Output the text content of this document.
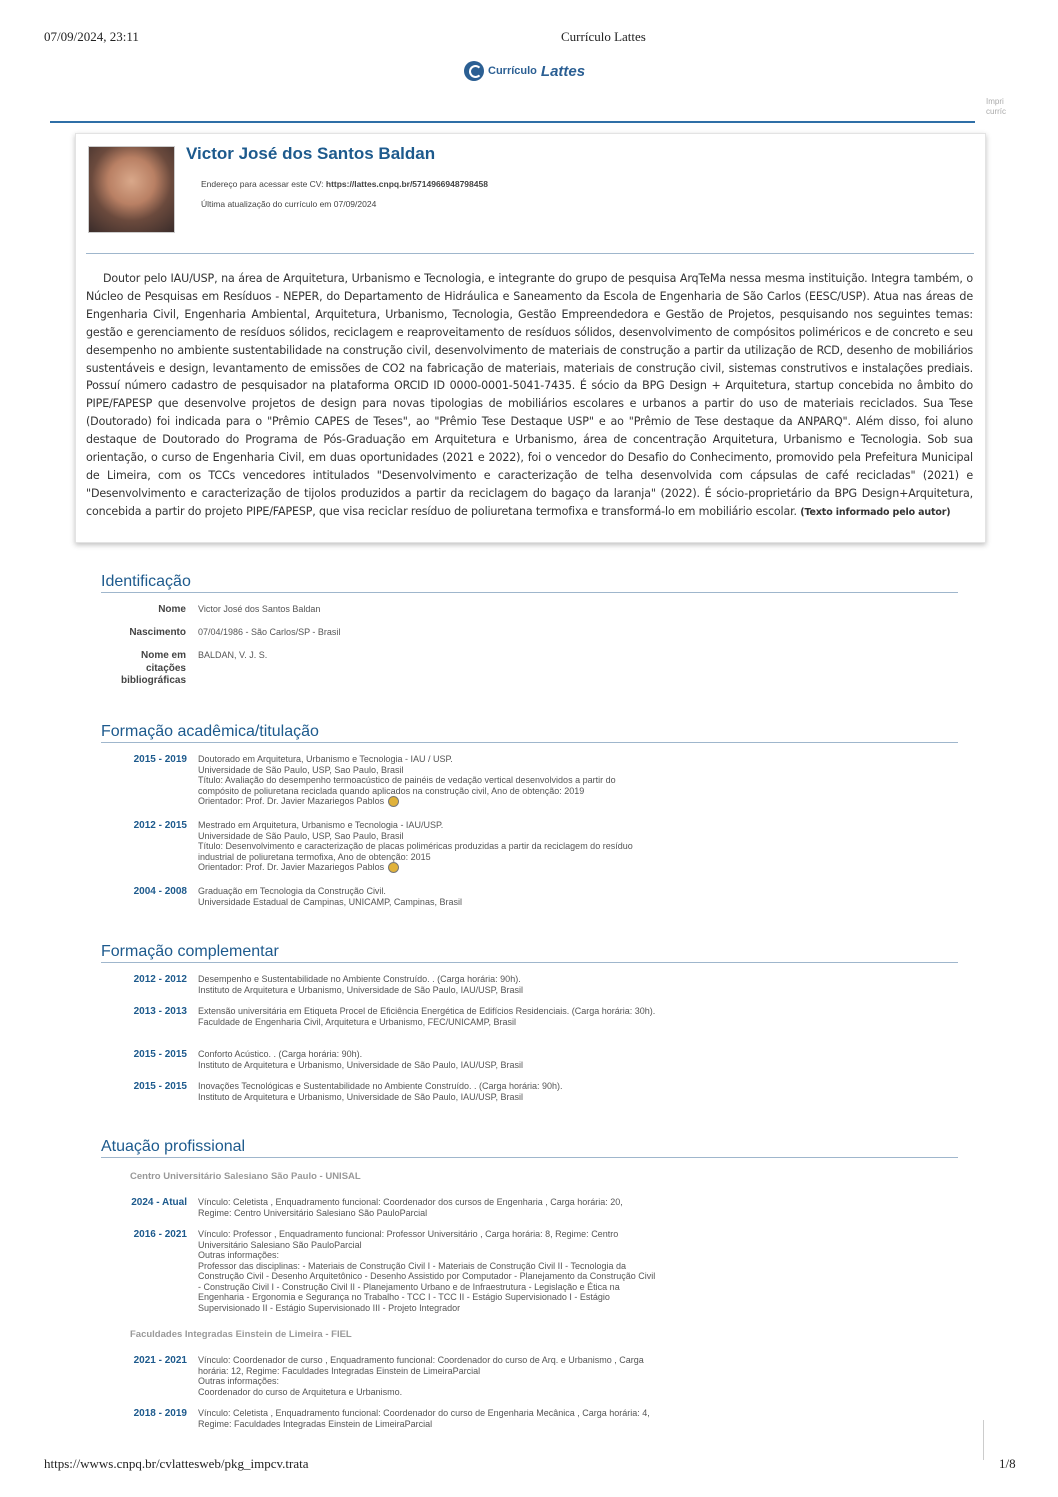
07/09/2024, 23:11	Currículo Lattes
Currículo Lattes
Impri
curríc
Victor José dos Santos Baldan
Endereço para acessar este CV: https://lattes.cnpq.br/5714966948798458
Última atualização do currículo em 07/09/2024
Doutor pelo IAU/USP, na área de Arquitetura, Urbanismo e Tecnologia, e integrante do grupo de pesquisa ArqTeMa nessa mesma instituição. Integra também, o Núcleo de Pesquisas em Resíduos - NEPER, do Departamento de Hidráulica e Saneamento da Escola de Engenharia de São Carlos (EESC/USP). Atua nas áreas de Engenharia Civil, Engenharia Ambiental, Arquitetura, Urbanismo, Tecnologia, Gestão Empreendedora e Gestão de Projetos, pesquisando nos seguintes temas: gestão e gerenciamento de resíduos sólidos, reciclagem e reaproveitamento de resíduos sólidos, desenvolvimento de compósitos poliméricos e de concreto e seu desempenho no ambiente sustentabilidade na construção civil, desenvolvimento de materiais de construção a partir da utilização de RCD, desenho de mobiliários sustentáveis e design, levantamento de emissões de CO2 na fabricação de materiais, materiais de construção civil, sistemas construtivos e instalações prediais. Possuí número cadastro de pesquisador na plataforma ORCID ID 0000-0001-5041-7435. É sócio da BPG Design + Arquitetura, startup concebida no âmbito do PIPE/FAPESP que desenvolve projetos de design para novas tipologias de mobiliários escolares e urbanos a partir do uso de materiais reciclados. Sua Tese (Doutorado) foi indicada para o "Prêmio CAPES de Teses", ao "Prêmio Tese Destaque USP" e ao "Prêmio de Tese destaque da ANPARQ". Além disso, foi aluno destaque de Doutorado do Programa de Pós-Graduação em Arquitetura e Urbanismo, área de concentração Arquitetura, Urbanismo e Tecnologia. Sob sua orientação, o curso de Engenharia Civil, em duas oportunidades (2021 e 2022), foi o vencedor do Desafio do Conhecimento, promovido pela Prefeitura Municipal de Limeira, com os TCCs vencedores intitulados "Desenvolvimento e caracterização de telha desenvolvida com cápsulas de café recicladas" (2021) e "Desenvolvimento e caracterização de tijolos produzidos a partir da reciclagem do bagaço da laranja" (2022). É sócio-proprietário da BPG Design+Arquitetura, concebida a partir do projeto PIPE/FAPESP, que visa reciclar resíduo de poliuretana termofixa e transformá-lo em mobiliário escolar. (Texto informado pelo autor)
Identificação
Nome Victor José dos Santos Baldan
Nascimento 07/04/1986 - São Carlos/SP - Brasil
Nome em citações bibliográficas
BALDAN, V. J. S.
Formação acadêmica/titulação
2015 - 2019 Doutorado em Arquitetura, Urbanismo e Tecnologia - IAU / USP.
Universidade de São Paulo, USP, Sao Paulo, Brasil
Título: Avaliação do desempenho termoacústico de painéis de vedação vertical desenvolvidos a partir do compósito de poliuretana reciclada quando aplicados na construção civil, Ano de obtenção: 2019
Orientador: Prof. Dr. Javier Mazariegos Pablos
2012 - 2015 Mestrado em Arquitetura, Urbanismo e Tecnologia - IAU/USP.
Universidade de São Paulo, USP, Sao Paulo, Brasil
Título: Desenvolvimento e caracterização de placas poliméricas produzidas a partir da reciclagem do resíduo industrial de poliuretana termofixa, Ano de obtenção: 2015
Orientador: Prof. Dr. Javier Mazariegos Pablos
2004 - 2008 Graduação em Tecnologia da Construção Civil.
Universidade Estadual de Campinas, UNICAMP, Campinas, Brasil
Formação complementar
2012 - 2012 Desempenho e Sustentabilidade no Ambiente Construído. . (Carga horária: 90h).
Instituto de Arquitetura e Urbanismo, Universidade de São Paulo, IAU/USP, Brasil
2013 - 2013 Extensão universitária em Etiqueta Procel de Eficiência Energética de Edifícios Residenciais. (Carga horária: 30h).
Faculdade de Engenharia Civil, Arquitetura e Urbanismo, FEC/UNICAMP, Brasil
2015 - 2015 Conforto Acústico. . (Carga horária: 90h).
Instituto de Arquitetura e Urbanismo, Universidade de São Paulo, IAU/USP, Brasil
2015 - 2015 Inovações Tecnológicas e Sustentabilidade no Ambiente Construído. . (Carga horária: 90h).
Instituto de Arquitetura e Urbanismo, Universidade de São Paulo, IAU/USP, Brasil
Atuação profissional
Centro Universitário Salesiano São Paulo - UNISAL
2024 - Atual Vínculo: Celetista , Enquadramento funcional: Coordenador dos cursos de Engenharia , Carga horária: 20, Regime: Centro Universitário Salesiano São PauloParcial
2016 - 2021 Vínculo: Professor , Enquadramento funcional: Professor Universitário , Carga horária: 8, Regime: Centro Universitário Salesiano São PauloParcial
Outras informações:
Professor das disciplinas: - Materiais de Construção Civil I - Materiais de Construção Civil II - Tecnologia da Construção Civil - Desenho Arquitetônico - Desenho Assistido por Computador - Planejamento da Construção Civil - Construção Civil I - Construção Civil II - Planejamento Urbano e de Infraestrutura - Legislação e Ética na Engenharia - Ergonomia e Segurança no Trabalho - TCC I - TCC II - Estágio Supervisionado I - Estágio Supervisionado II - Estágio Supervisionado III - Projeto Integrador
Faculdades Integradas Einstein de Limeira - FIEL
2021 - 2021 Vínculo: Coordenador de curso , Enquadramento funcional: Coordenador do curso de Arq. e Urbanismo , Carga horária: 12, Regime: Faculdades Integradas Einstein de LimeiraParcial
Outras informações:
Coordenador do curso de Arquitetura e Urbanismo.
2018 - 2019 Vínculo: Celetista , Enquadramento funcional: Coordenador do curso de Engenharia Mecânica , Carga horária: 4, Regime: Faculdades Integradas Einstein de LimeiraParcial
https://wwws.cnpq.br/cvlattesweb/pkg_impcv.trata	1/8
